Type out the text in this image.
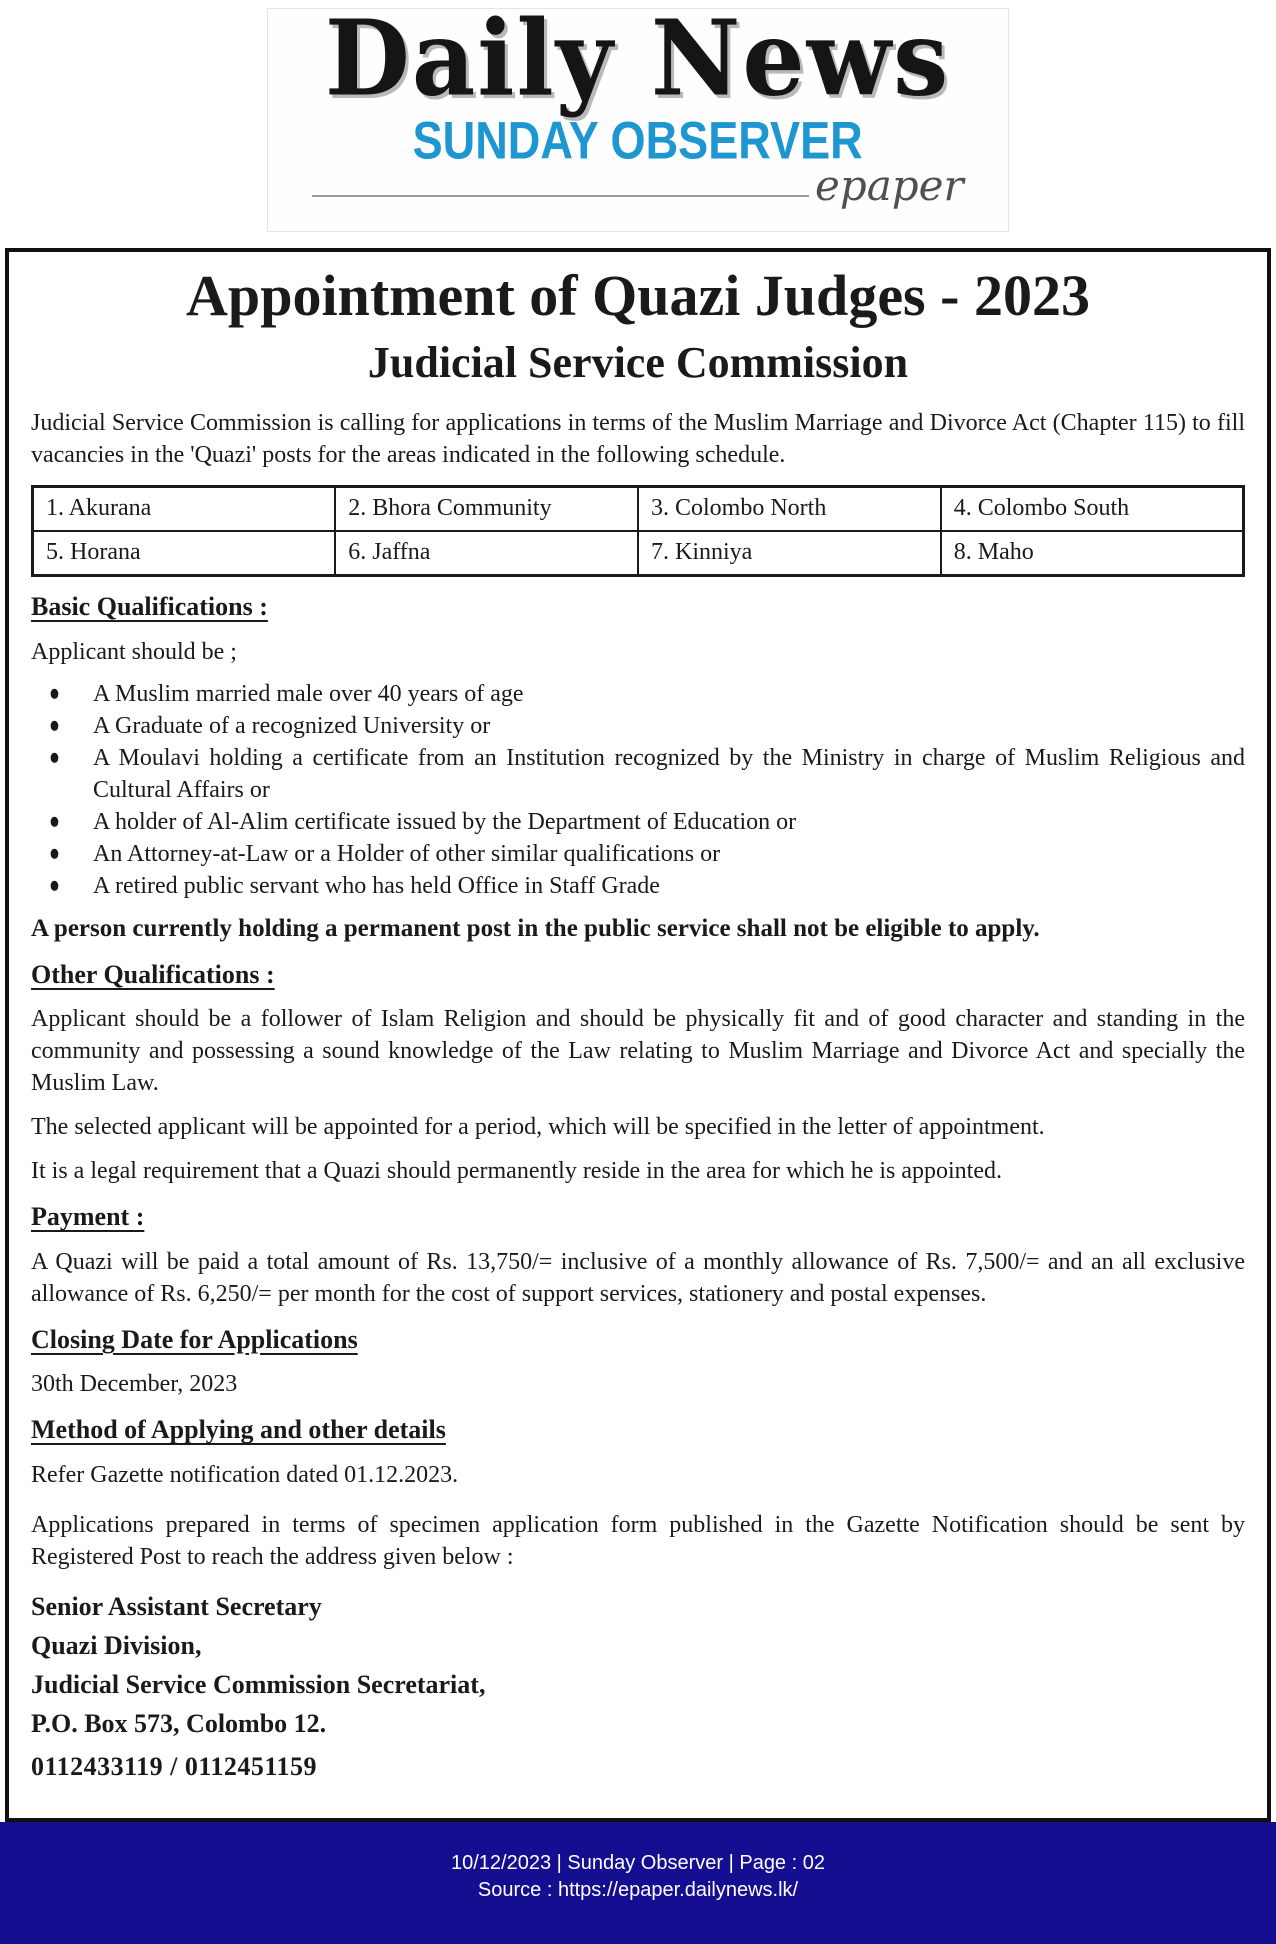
Daily News
SUNDAY OBSERVER
epaper
Appointment of Quazi Judges - 2023
Judicial Service Commission

Judicial Service Commission is calling for applications in terms of the Muslim Marriage and Divorce Act (Chapter 115) to fill vacancies in the 'Quazi' posts for the areas indicated in the following schedule.

1. Akurana	2. Bhora Community	3. Colombo North	4. Colombo South
5. Horana	6. Jaffna	7. Kinniya	8. Maho
Basic Qualifications :

Applicant should be ;

●	A Muslim married male over 40 years of age
●	A Graduate of a recognized University or
●	A Moulavi holding a certificate from an Institution recognized by the Ministry in charge of Muslim Religious and Cultural Affairs or
●	A holder of Al-Alim certificate issued by the Department of Education or
●	An Attorney-at-Law or a Holder of other similar qualifications or
●	A retired public servant who has held Office in Staff Grade

A person currently holding a permanent post in the public service shall not be eligible to apply.

Other Qualifications :

Applicant should be a follower of Islam Religion and should be physically fit and of good character and standing in the community and possessing a sound knowledge of the Law relating to Muslim Marriage and Divorce Act and specially the Muslim Law.

The selected applicant will be appointed for a period, which will be specified in the letter of appointment.

It is a legal requirement that a Quazi should permanently reside in the area for which he is appointed.

Payment :

A Quazi will be paid a total amount of Rs. 13,750/= inclusive of a monthly allowance of Rs. 7,500/= and an all exclusive allowance of Rs. 6,250/= per month for the cost of support services, stationery and postal expenses.

Closing Date for Applications

30th December, 2023

Method of Applying and other details

Refer Gazette notification dated 01.12.2023.

Applications prepared in terms of specimen application form published in the Gazette Notification should be sent by Registered Post to reach the address given below :

Senior Assistant Secretary
Quazi Division,
Judicial Service Commission Secretariat,
P.O. Box 573, Colombo 12.
0112433119 / 0112451159
10/12/2023 | Sunday Observer | Page : 02
Source : https://epaper.dailynews.lk/
